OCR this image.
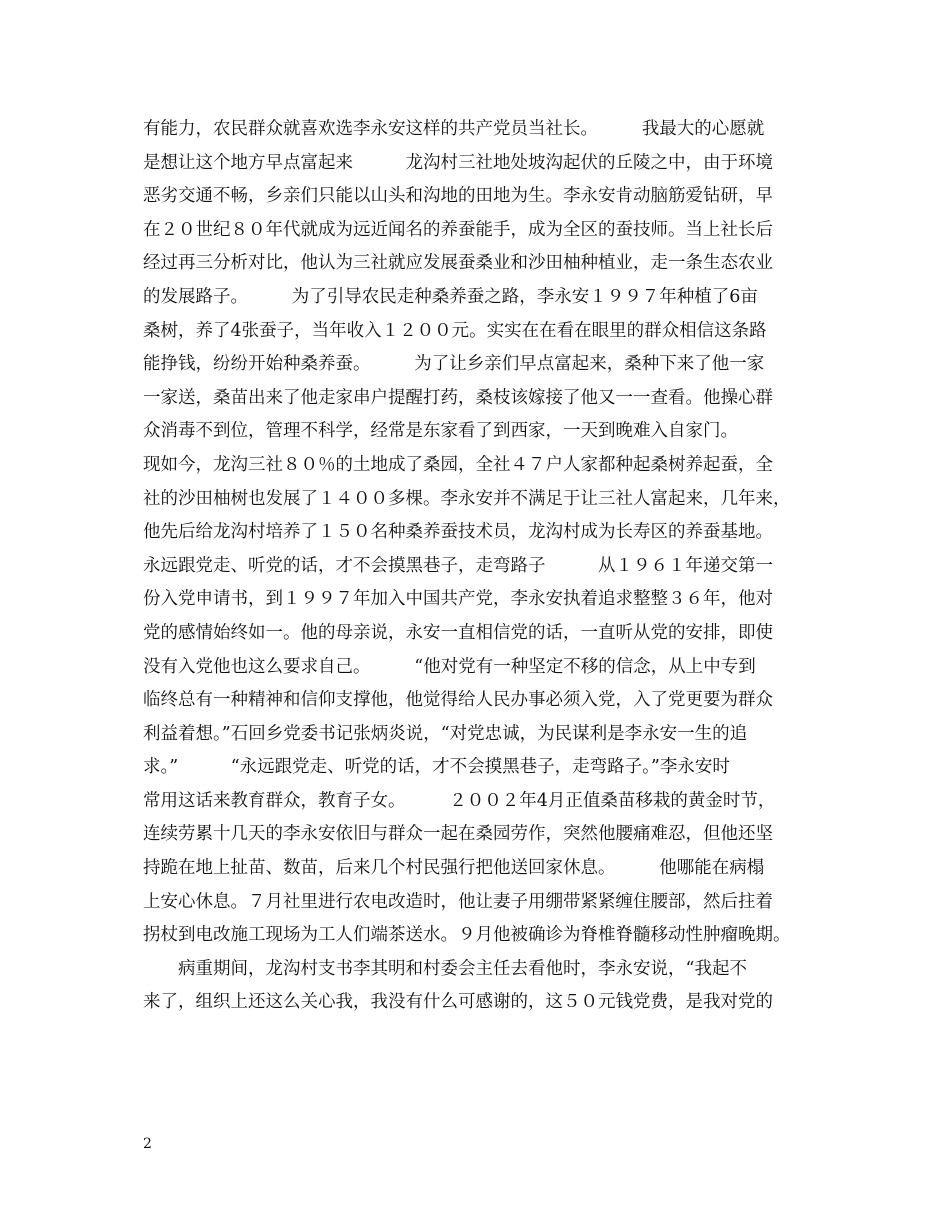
有能力，农民群众就喜欢选李永安这样的共产党员当社长。　　　我最大的心愿就
是想让这个地方早点富起来　　　龙沟村三社地处坡沟起伏的丘陵之中，由于环境
恶劣交通不畅，乡亲们只能以山头和沟地的田地为生。李永安肯动脑筋爱钻研，早
在２０世纪８０年代就成为远近闻名的养蚕能手，成为全区的蚕技师。当上社长后
经过再三分析对比，他认为三社就应发展蚕桑业和沙田柚种植业，走一条生态农业
的发展路子。　　　为了引导农民走种桑养蚕之路，李永安１９９７年种植了6亩
桑树，养了4张蚕子，当年收入１２００元。实实在在看在眼里的群众相信这条路
能挣钱，纷纷开始种桑养蚕。　　　为了让乡亲们早点富起来，桑种下来了他一家
一家送，桑苗出来了他走家串户提醒打药，桑枝该嫁接了他又一一查看。他操心群
众消毒不到位，管理不科学，经常是东家看了到西家，一天到晚难入自家门。
现如今，龙沟三社８０％的土地成了桑园，全社４７户人家都种起桑树养起蚕，全
社的沙田柚树也发展了１４００多棵。李永安并不满足于让三社人富起来，几年来，
他先后给龙沟村培养了１５０名种桑养蚕技术员，龙沟村成为长寿区的养蚕基地。
永远跟党走、听党的话，才不会摸黑巷子，走弯路子　　　从１９６１年递交第一
份入党申请书，到１９９７年加入中国共产党，李永安执着追求整整３６年，他对
党的感情始终如一。他的母亲说，永安一直相信党的话，一直听从党的安排，即使
没有入党他也这么要求自己。　　　“他对党有一种坚定不移的信念，从上中专到
临终总有一种精神和信仰支撑他，他觉得给人民办事必须入党，入了党更要为群众
利益着想。”石回乡党委书记张炳炎说，“对党忠诚，为民谋利是李永安一生的追
求。”　　　“永远跟党走、听党的话，才不会摸黑巷子，走弯路子。”李永安时
常用这话来教育群众，教育子女。　　　２００２年4月正值桑苗移栽的黄金时节，
连续劳累十几天的李永安依旧与群众一起在桑园劳作，突然他腰痛难忍，但他还坚
持跪在地上扯苗、数苗，后来几个村民强行把他送回家休息。　　　他哪能在病榻
上安心休息。７月社里进行农电改造时，他让妻子用绷带紧紧缠住腰部，然后拄着
拐杖到电改施工现场为工人们端茶送水。９月他被确诊为脊椎脊髓移动性肿瘤晚期。
　　病重期间，龙沟村支书李其明和村委会主任去看他时，李永安说，“我起不
来了，组织上还这么关心我，我没有什么可感谢的，这５０元钱党费，是我对党的
2
